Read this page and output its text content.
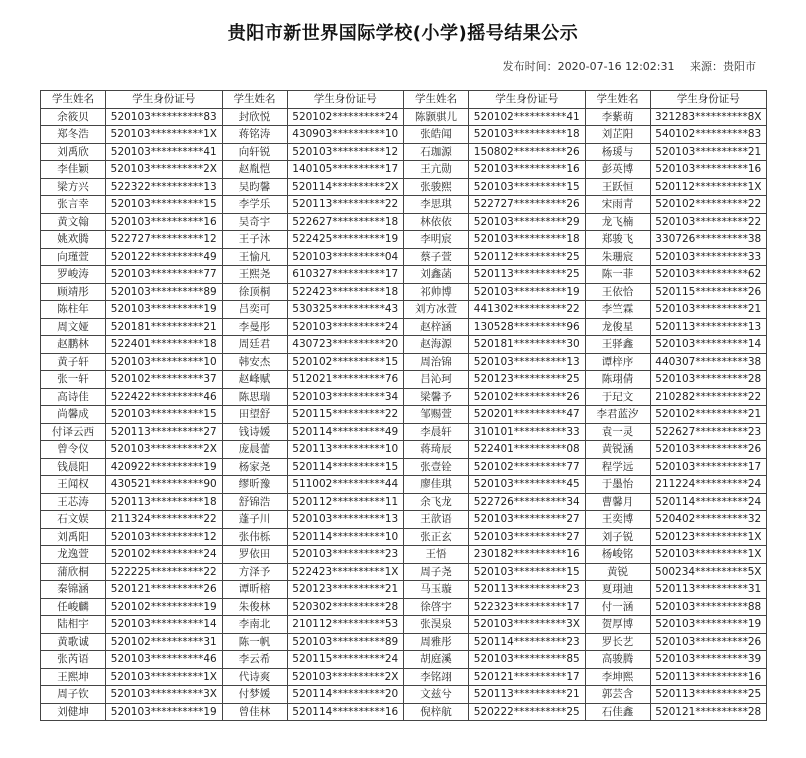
贵阳市新世界国际学校(小学)摇号结果公示
发布时间：2020-07-16 12:02:31 来源：贵阳市
学生姓名	学生身份证号	学生姓名	学生身份证号	学生姓名	学生身份证号	学生姓名	学生身份证号
余筱贝	520103**********83	封欣悦	520102**********24	陈颢骐儿	520102**********41	李紫萌	321283**********8X
郑冬浩	520103**********1X	蒋铭涛	430903**********10	张皓闻	520103**********18	刘芷阳	540102**********83
刘禹欣	520103**********41	向轩锐	520103**********12	石珈源	150802**********26	杨瑗与	520103**********21
李佳颖	520103**********2X	赵胤恺	140105**********17	王亢勋	520103**********16	彭英博	520103**********16
梁方兴	522322**********13	吴昀馨	520114**********2X	张骏熙	520103**********15	王跃恒	520112**********1X
张言幸	520103**********15	李学乐	520113**********22	李思琪	522727**********26	宋雨青	520102**********22
黄文翰	520103**********16	吴奇宇	522627**********18	林依依	520103**********29	龙飞楠	520103**********22
姚欢腾	522727**********12	王子沐	522425**********19	李明宸	520103**********18	郑骏飞	330726**********38
向瑾萱	520122**********49	王愉凡	520103**********04	蔡子萱	520112**********25	朱珊宸	520103**********33
罗峻涛	520103**********77	王熙尧	610327**********17	刘鑫菡	520113**********25	陈一菲	520103**********62
顾靖彤	520103**********89	徐顶桐	522423**********18	祁帅博	520103**********19	王依恰	520115**********26
陈柱年	520103**********19	吕奕可	530325**********43	刘方冰萱	441302**********22	李竺霖	520103**********21
周文娅	520181**********21	李曼彤	520103**********24	赵梓涵	130528**********96	龙俊星	520113**********13
赵鹏林	522401**********18	周廷君	430723**********20	赵海源	520181**********30	王驿鑫	520103**********14
黄子轩	520103**********10	韩安杰	520102**********15	周治锦	520103**********13	谭梓序	440307**********38
张一轩	520102**********37	赵峰赋	512021**********76	吕沁珂	520123**********25	陈珝倩	520103**********28
高诗佳	522422**********46	陈思瑞	520103**********34	梁馨予	520102**********26	于玘文	210282**********22
尚馨成	520103**********15	田望舒	520115**********22	邹赐萱	520201**********47	李君蓝汐	520102**********21
付译云西	520113**********27	钱诗媛	520114**********49	李晨轩	310101**********33	袁一灵	522627**********23
曾令仪	520103**********2X	庞晨蕾	520113**********10	蒋琦辰	522401**********08	黄锐涵	520103**********26
钱晨阳	420922**********19	杨家尧	520114**********15	张壹铨	520102**********77	程学远	520103**********17
王闻权	430521**********90	缪昕豫	511002**********44	廖佳琪	520103**********45	于墨怡	211224**********24
王芯涛	520113**********18	舒锦浩	520112**********11	余飞龙	522726**********34	曹馨月	520114**********24
石文娱	211324**********22	蓬子川	520103**********13	王歆语	520103**********27	王奕博	520402**********32
刘禹阳	520103**********12	张伟栎	520114**********10	张正玄	520103**********27	刘子锐	520123**********1X
龙逸萱	520102**********24	罗依田	520103**********23	王悟	230182**********16	杨峻铭	520103**********1X
蒲欣桐	522225**********22	方泽予	522423**********1X	周子尧	520103**********15	黄锐	500234**********5X
秦锦涵	520121**********26	谭昕榕	520123**********21	马玉璇	520113**********23	夏珝迪	520113**********31
任峻麟	520102**********19	朱俊林	520302**********28	徐啓宇	522323**********17	付一涵	520103**********88
陆相宇	520103**********14	李南北	210112**********53	张淏泉	520103**********3X	贺厚博	520103**********19
黄歌诚	520102**********31	陈一帆	520103**********89	周雅彤	520114**********23	罗长艺	520103**********26
张芮语	520103**********46	李云希	520115**********24	胡庭溪	520103**********85	高骏腾	520103**********39
王熙坤	520103**********1X	代诗爽	520103**********2X	李铭翊	520121**********17	李坤熙	520113**********16
周子钦	520103**********3X	付梦媛	520114**********20	文兹兮	520113**********21	郭芸含	520113**********25
刘健坤	520103**********19	曾佳林	520114**********16	倪梓航	520222**********25	石佳鑫	520121**********28
